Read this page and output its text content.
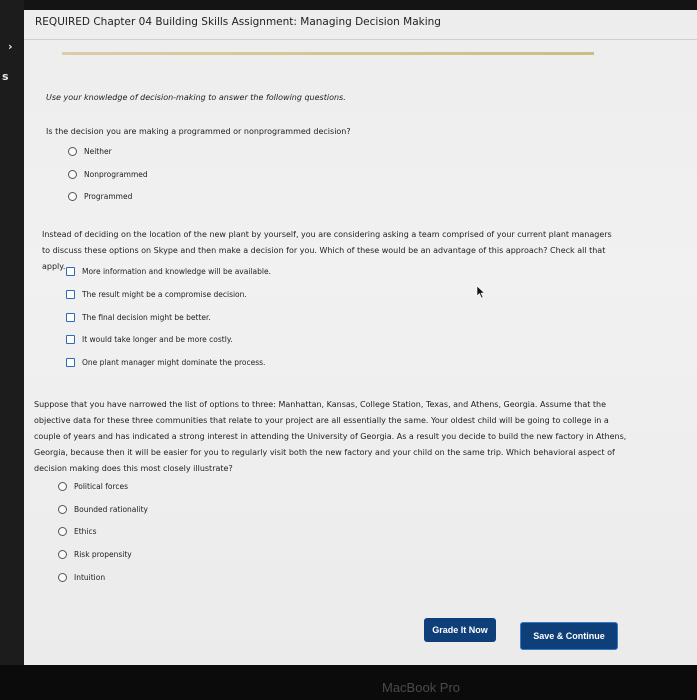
›
s
REQUIRED Chapter 04 Building Skills Assignment: Managing Decision Making
Use your knowledge of decision-making to answer the following questions.
Is the decision you are making a programmed or nonprogrammed decision?
Neither
Nonprogrammed
Programmed
Instead of deciding on the location of the new plant by yourself, you are considering asking a team comprised of your current plant managers to discuss these options on Skype and then make a decision for you. Which of these would be an advantage of this approach? Check all that apply.
More information and knowledge will be available.
The result might be a compromise decision.
The final decision might be better.
It would take longer and be more costly.
One plant manager might dominate the process.
Suppose that you have narrowed the list of options to three: Manhattan, Kansas, College Station, Texas, and Athens, Georgia. Assume that the objective data for these three communities that relate to your project are all essentially the same. Your oldest child will be going to college in a couple of years and has indicated a strong interest in attending the University of Georgia. As a result you decide to build the new factory in Athens, Georgia, because then it will be easier for you to regularly visit both the new factory and your child on the same trip. Which behavioral aspect of decision making does this most closely illustrate?
Political forces
Bounded rationality
Ethics
Risk propensity
Intuition
Grade It Now
Save & Continue
MacBook Pro
